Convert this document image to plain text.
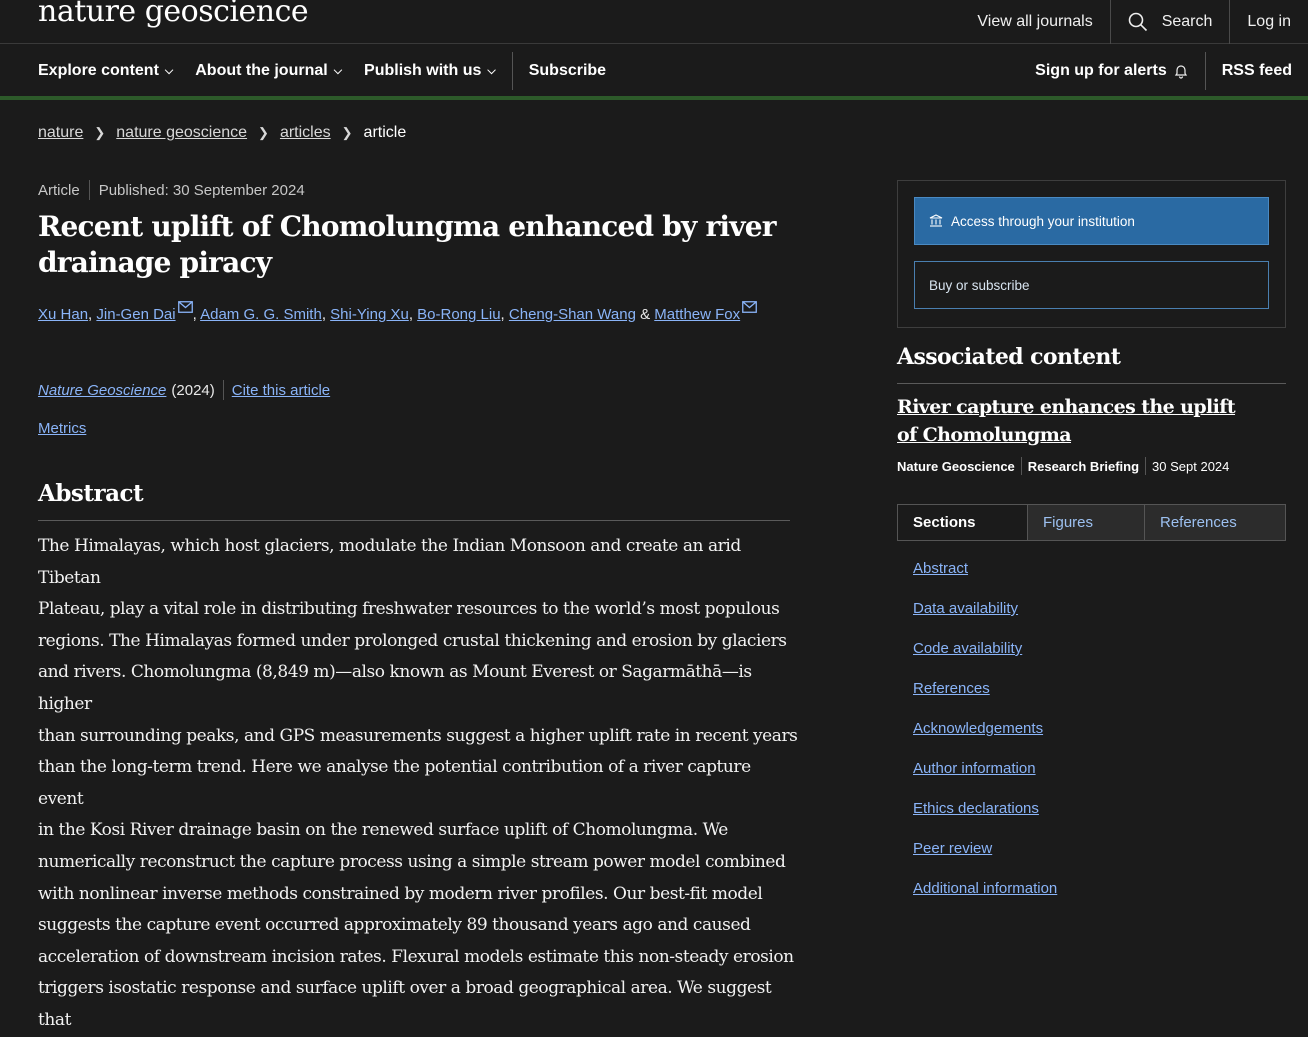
nature geoscience	View all journals	Search	Log in
Explore content ⌵ About the journal ⌵ Publish with us ⌵ Subscribe	Sign up for alerts	RSS feed
nature ❯ nature geoscience ❯ articles ❯ article
Article Published: 30 September 2024
Recent uplift of Chomolungma enhanced by river drainage piracy
Xu Han, Jin-Gen Dai , Adam G. G. Smith, Shi-Ying Xu, Bo-Rong Liu, Cheng-Shan Wang & Matthew Fox
Nature Geoscience (2024) Cite this article
Metrics
Abstract
The Himalayas, which host glaciers, modulate the Indian Monsoon and create an arid Tibetan
Plateau, play a vital role in distributing freshwater resources to the world’s most populous
regions. The Himalayas formed under prolonged crustal thickening and erosion by glaciers
and rivers. Chomolungma (8,849 m)—also known as Mount Everest or Sagarmāthā—is higher
than surrounding peaks, and GPS measurements suggest a higher uplift rate in recent years
than the long-term trend. Here we analyse the potential contribution of a river capture event
in the Kosi River drainage basin on the renewed surface uplift of Chomolungma. We
numerically reconstruct the capture process using a simple stream power model combined
with nonlinear inverse methods constrained by modern river profiles. Our best-fit model
suggests the capture event occurred approximately 89 thousand years ago and caused
acceleration of downstream incision rates. Flexural models estimate this non-steady erosion
triggers isostatic response and surface uplift over a broad geographical area. We suggest that
Access through your institution
Buy or subscribe
Associated content
River capture enhances the uplift of Chomolungma
Nature Geoscience Research Briefing 30 Sept 2024
Sections	Figures	References
Abstract
Data availability
Code availability
References
Acknowledgements
Author information
Ethics declarations
Peer review
Additional information
